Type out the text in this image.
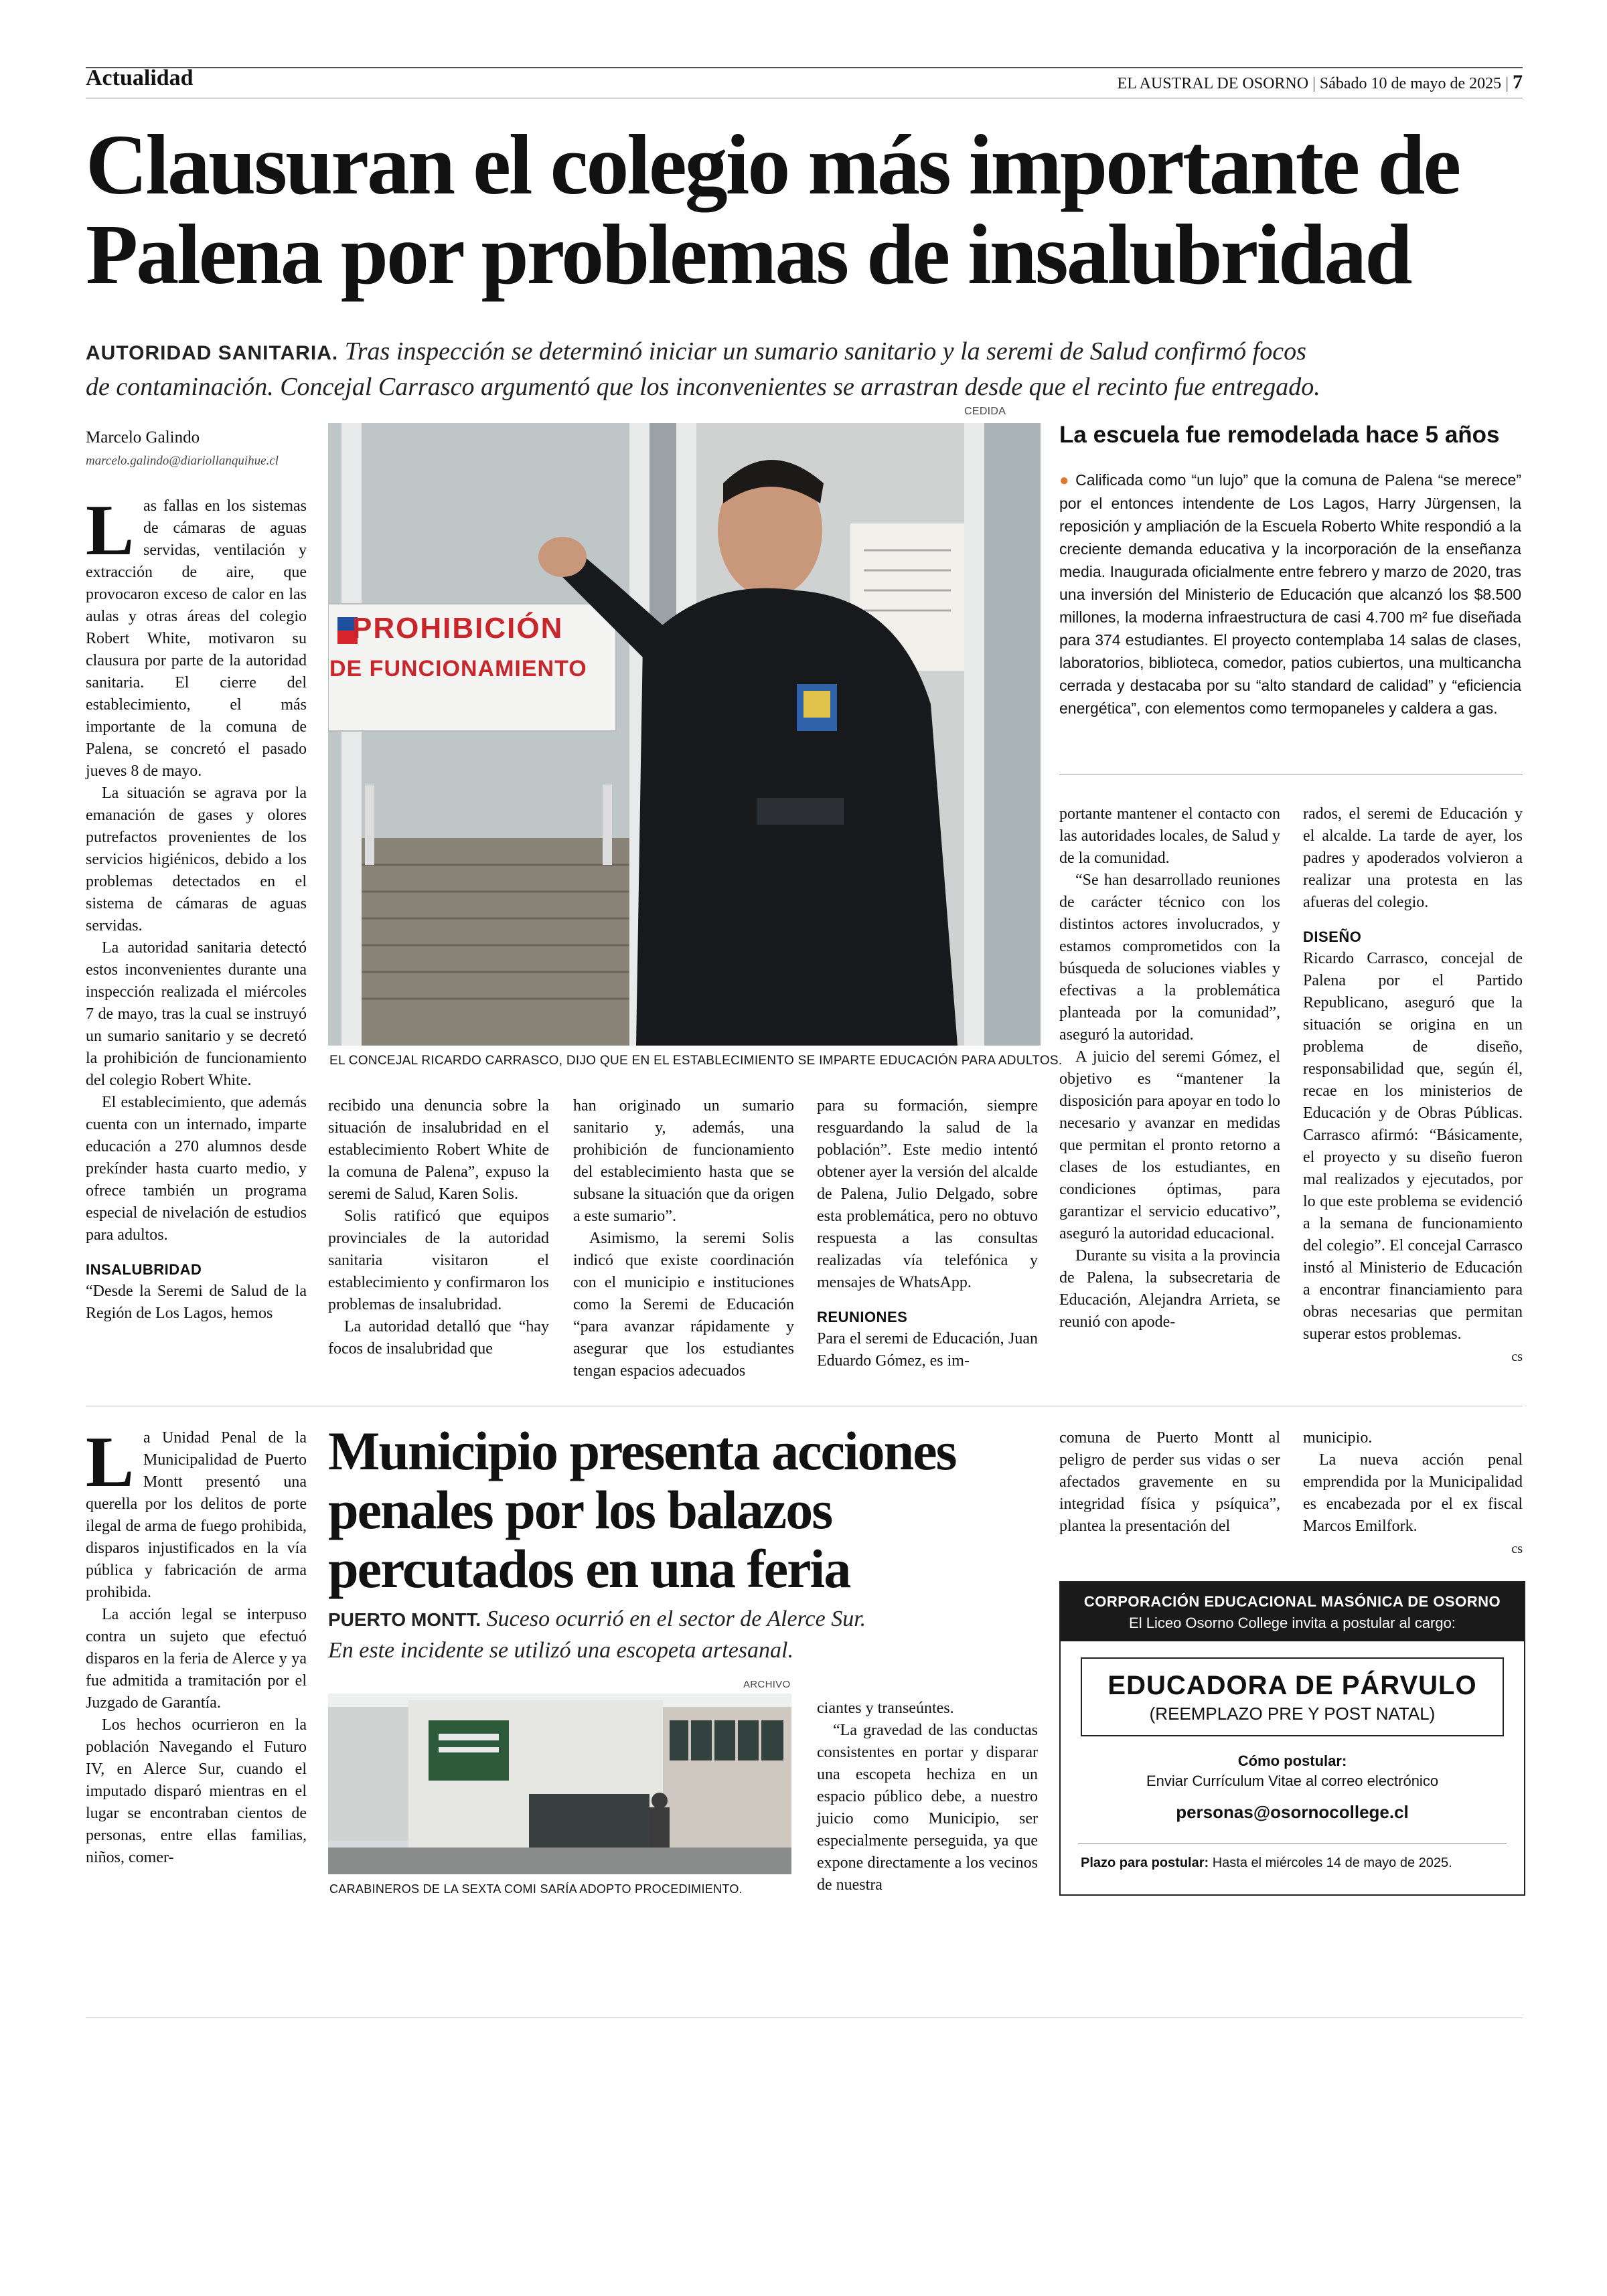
Actualidad	EL AUSTRAL DE OSORNO | Sábado 10 de mayo de 2025 | 7
Clausuran el colegio más importante de
Palena por problemas de insalubridad
AUTORIDAD SANITARIA. Tras inspección se determinó iniciar un sumario sanitario y la seremi de Salud confirmó focos
de contaminación. Concejal Carrasco argumentó que los inconvenientes se arrastran desde que el recinto fue entregado.
Marcelo Galindo
marcelo.galindo@diariollanquihue.cl
PROHIBICIÓN
DE FUNCIONAMIENTO
CEDIDA
EL CONCEJAL RICARDO CARRASCO, DIJO QUE EN EL ESTABLECIMIENTO SE IMPARTE EDUCACIÓN PARA ADULTOS.
La escuela fue remodelada hace 5 años
● Calificada como “un lujo” que la comuna de Palena “se merece” por el entonces intendente de Los Lagos, Harry Jürgensen, la reposición y ampliación de la Escuela Roberto White respondió a la creciente demanda educativa y la incorporación de la enseñanza media. Inaugurada oficialmente entre febrero y marzo de 2020, tras una inversión del Ministerio de Educación que alcanzó los $8.500 millones, la moderna infraestructura de casi 4.700 m² fue diseñada para 374 estudiantes. El proyecto contemplaba 14 salas de clases, laboratorios, biblioteca, comedor, patios cubiertos, una multicancha cerrada y destacaba por su “alto standard de calidad” y “eficiencia energética”, con elementos como termopaneles y caldera a gas.
L as fallas en los sistemas de cámaras de aguas servidas, ventilación y extracción de aire, que provocaron exceso de calor en las aulas y otras áreas del colegio Robert White, motivaron su clausura por parte de la autoridad sanitaria. El cierre del establecimiento, el más importante de la comuna de Palena, se concretó el pasado jueves 8 de mayo.

La situación se agrava por la emanación de gases y olores putrefactos provenientes de los servicios higiénicos, debido a los problemas detectados en el sistema de cámaras de aguas servidas.

La autoridad sanitaria detectó estos inconvenientes durante una inspección realizada el miércoles 7 de mayo, tras la cual se instruyó un sumario sanitario y se decretó la prohibición de funcionamiento del colegio Robert White.

El establecimiento, que además cuenta con un internado, imparte educación a 270 alumnos desde prekínder hasta cuarto medio, y ofrece también un programa especial de nivelación de estudios para adultos.

INSALUBRIDAD

“Desde la Seremi de Salud de la Región de Los Lagos, hemos

recibido una denuncia sobre la situación de insalubridad en el establecimiento Robert White de la comuna de Palena”, expuso la seremi de Salud, Karen Solis.

Solis ratificó que equipos provinciales de la autoridad sanitaria visitaron el establecimiento y confirmaron los problemas de insalubridad.

La autoridad detalló que “hay focos de insalubridad que

han originado un sumario sanitario y, además, una prohibición de funcionamiento del establecimiento hasta que se subsane la situación que da origen a este sumario”.

Asimismo, la seremi Solis indicó que existe coordinación con el municipio e instituciones como la Seremi de Educación “para avanzar rápidamente y asegurar que los estudiantes tengan espacios adecuados

para su formación, siempre resguardando la salud de la población”. Este medio intentó obtener ayer la versión del alcalde de Palena, Julio Delgado, sobre esta problemática, pero no obtuvo respuesta a las consultas realizadas vía telefónica y mensajes de WhatsApp.

REUNIONES

Para el seremi de Educación, Juan Eduardo Gómez, es im-

portante mantener el contacto con las autoridades locales, de Salud y de la comunidad.

“Se han desarrollado reuniones de carácter técnico con los distintos actores involucrados, y estamos comprometidos con la búsqueda de soluciones viables y efectivas a la problemática planteada por la comunidad”, aseguró la autoridad.

A juicio del seremi Gómez, el objetivo es “mantener la disposición para apoyar en todo lo necesario y avanzar en medidas que permitan el pronto retorno a clases de los estudiantes, en condiciones óptimas, para garantizar el servicio educativo”, aseguró la autoridad educacional.

Durante su visita a la provincia de Palena, la subsecretaria de Educación, Alejandra Arrieta, se reunió con apode-

rados, el seremi de Educación y el alcalde. La tarde de ayer, los padres y apoderados volvieron a realizar una protesta en las afueras del colegio.

DISEÑO

Ricardo Carrasco, concejal de Palena por el Partido Republicano, aseguró que la situación se origina en un problema de diseño, responsabilidad que, según él, recae en los ministerios de Educación y de Obras Públicas. Carrasco afirmó: “Básicamente, el proyecto y su diseño fueron mal realizados y ejecutados, por lo que este problema se evidenció a la semana de funcionamiento del colegio”. El concejal Carrasco instó al Ministerio de Educación a encontrar financiamiento para obras necesarias que permitan superar estos problemas.

cs
L a Unidad Penal de la Municipalidad de Puerto Montt presentó una querella por los delitos de porte ilegal de arma de fuego prohibida, disparos injustificados en la vía pública y fabricación de arma prohibida.

La acción legal se interpuso contra un sujeto que efectuó disparos en la feria de Alerce y ya fue admitida a tramitación por el Juzgado de Garantía.

Los hechos ocurrieron en la población Navegando el Futuro IV, en Alerce Sur, cuando el imputado disparó mientras en el lugar se encontraban cientos de personas, entre ellas familias, niños, comer-

Municipio presenta acciones
penales por los balazos
percutados en una feria
PUERTO MONTT. Suceso ocurrió en el sector de Alerce Sur.
En este incidente se utilizó una escopeta artesanal.
ARCHIVO
CARABINEROS DE LA SEXTA COMI SARÍA ADOPTO PROCEDIMIENTO.

ciantes y transeúntes.

“La gravedad de las conductas consistentes en portar y disparar una escopeta hechiza en un espacio público debe, a nuestro juicio como Municipio, ser especialmente perseguida, ya que expone directamente a los vecinos de nuestra

comuna de Puerto Montt al peligro de perder sus vidas o ser afectados gravemente en su integridad física y psíquica”, plantea la presentación del

municipio.

La nueva acción penal emprendida por la Municipalidad es encabezada por el ex fiscal Marcos Emilfork.

cs
CORPORACIÓN EDUCACIONAL MASÓNICA DE OSORNO
El Liceo Osorno College invita a postular al cargo:
EDUCADORA DE PÁRVULO
(REEMPLAZO PRE Y POST NATAL)
Cómo postular:
Enviar Currículum Vitae al correo electrónico
personas@osornocollege.cl
Plazo para postular: Hasta el miércoles 14 de mayo de 2025.
